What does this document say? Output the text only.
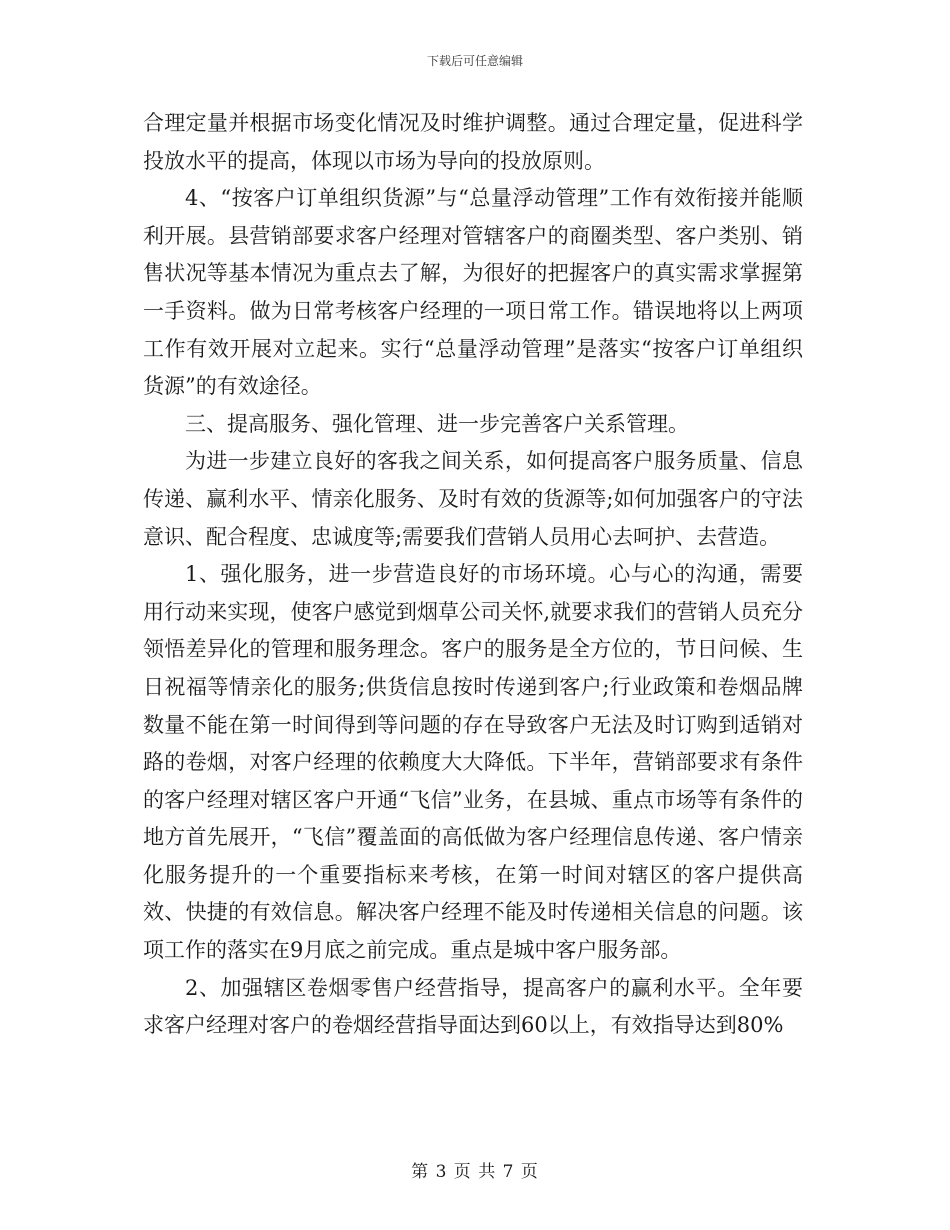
下载后可任意编辑

合理定量并根据市场变化情况及时维护调整。通过合理定量，促进科学投放水平的提高，体现以市场为导向的投放原则。

4、“按客户订单组织货源”与“总量浮动管理”工作有效衔接并能顺利开展。县营销部要求客户经理对管辖客户的商圈类型、客户类别、销售状况等基本情况为重点去了解，为很好的把握客户的真实需求掌握第一手资料。做为日常考核客户经理的一项日常工作。错误地将以上两项工作有效开展对立起来。实行“总量浮动管理”是落实“按客户订单组织货源”的有效途径。

三、提高服务、强化管理、进一步完善客户关系管理。

为进一步建立良好的客我之间关系，如何提高客户服务质量、信息传递、赢利水平、情亲化服务、及时有效的货源等;如何加强客户的守法意识、配合程度、忠诚度等;需要我们营销人员用心去呵护、去营造。

1、强化服务，进一步营造良好的市场环境。心与心的沟通，需要用行动来实现，使客户感觉到烟草公司关怀,就要求我们的营销人员充分领悟差异化的管理和服务理念。客户的服务是全方位的，节日问候、生日祝福等情亲化的服务;供货信息按时传递到客户;行业政策和卷烟品牌数量不能在第一时间得到等问题的存在导致客户无法及时订购到适销对路的卷烟，对客户经理的依赖度大大降低。下半年，营销部要求有条件的客户经理对辖区客户开通“飞信”业务，在县城、重点市场等有条件的地方首先展开，“飞信”覆盖面的高低做为客户经理信息传递、客户情亲化服务提升的一个重要指标来考核，在第一时间对辖区的客户提供高效、快捷的有效信息。解决客户经理不能及时传递相关信息的问题。该项工作的落实在9月底之前完成。重点是城中客户服务部。

2、加强辖区卷烟零售户经营指导，提高客户的赢利水平。全年要求客户经理对客户的卷烟经营指导面达到60以上，有效指导达到80%

第 3 页 共 7 页
